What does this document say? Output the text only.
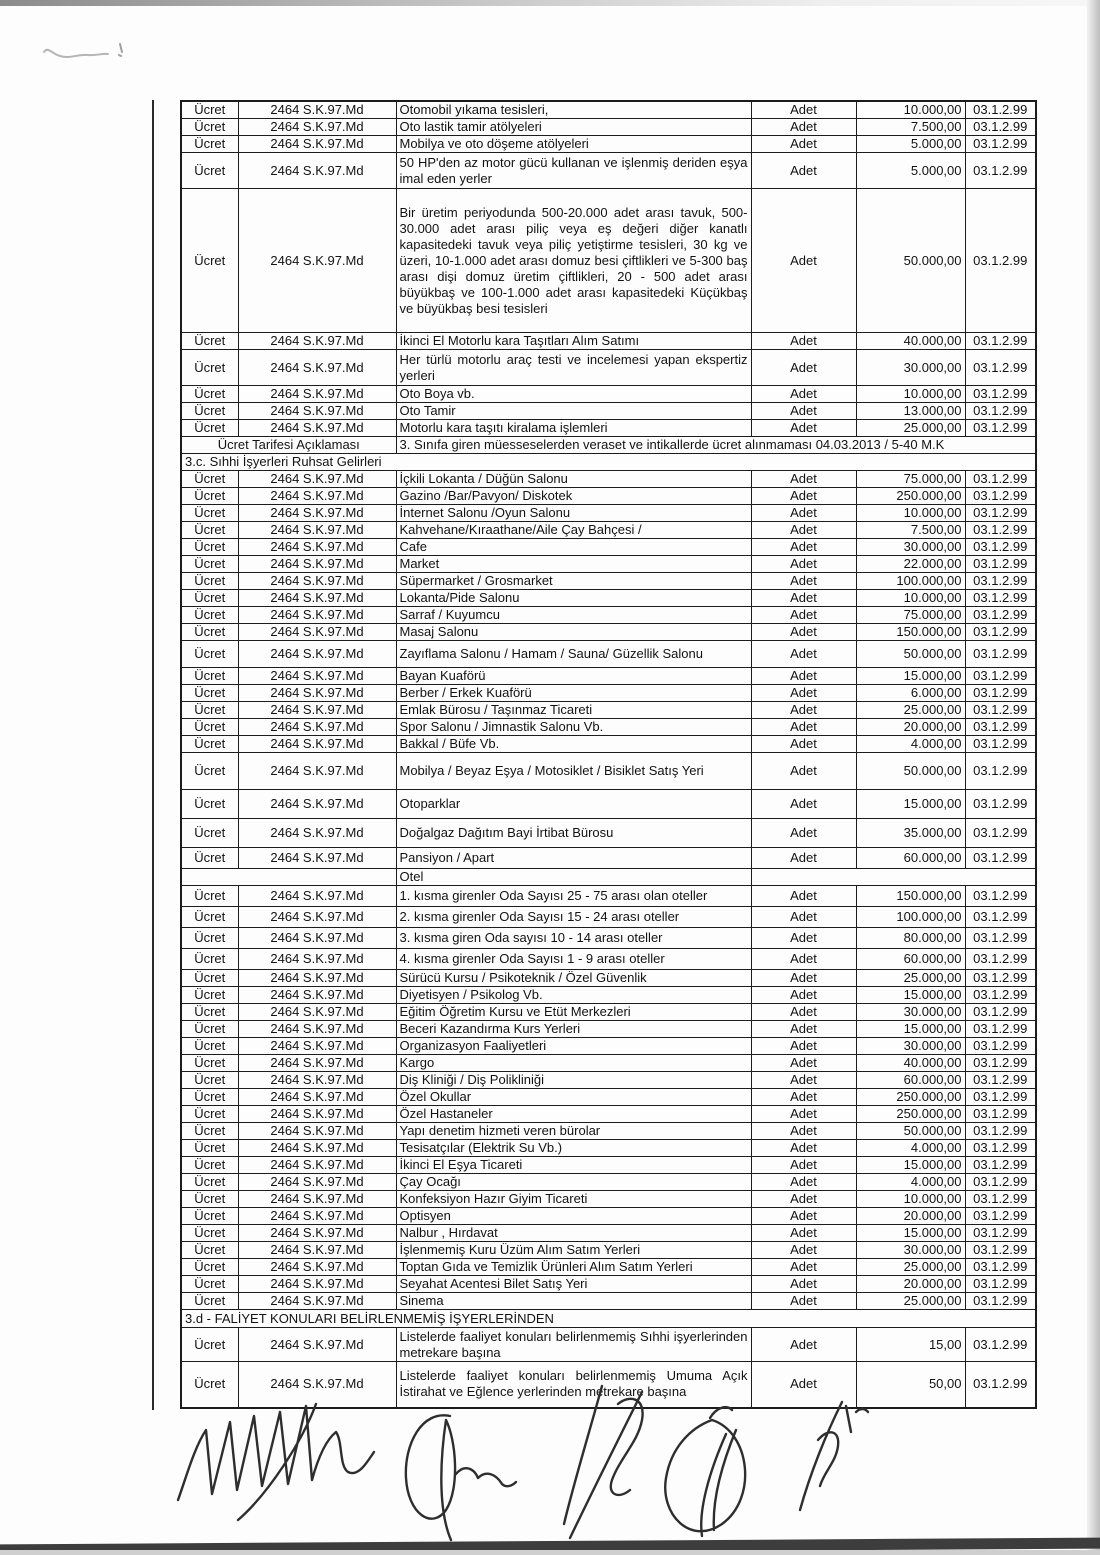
Ücret	2464 S.K.97.Md	Otomobil yıkama tesisleri,	Adet	10.000,00	03.1.2.99
Ücret	2464 S.K.97.Md	Oto lastik tamir atölyeleri	Adet	7.500,00	03.1.2.99
Ücret	2464 S.K.97.Md	Mobilya ve oto döşeme atölyeleri	Adet	5.000,00	03.1.2.99
Ücret	2464 S.K.97.Md	50 HP'den az motor gücü kullanan ve işlenmiş deriden eşya imal eden yerler	Adet	5.000,00	03.1.2.99
Ücret	2464 S.K.97.Md	Bir üretim periyodunda 500-20.000 adet arası tavuk, 500-30.000 adet arası piliç veya eş değeri diğer kanatlı kapasitedeki tavuk veya piliç yetiştirme tesisleri, 30 kg ve üzeri, 10-1.000 adet arası domuz besi çiftlikleri ve 5-300 baş arası dişi domuz üretim çiftlikleri, 20 - 500 adet arası büyükbaş ve 100-1.000 adet arası kapasitedeki Küçükbaş ve büyükbaş besi tesisleri	Adet	50.000,00	03.1.2.99
Ücret	2464 S.K.97.Md	İkinci El Motorlu kara Taşıtları Alım Satımı	Adet	40.000,00	03.1.2.99
Ücret	2464 S.K.97.Md	Her türlü motorlu araç testi ve incelemesi yapan ekspertiz yerleri	Adet	30.000,00	03.1.2.99
Ücret	2464 S.K.97.Md	Oto Boya vb.	Adet	10.000,00	03.1.2.99
Ücret	2464 S.K.97.Md	Oto Tamir	Adet	13.000,00	03.1.2.99
Ücret	2464 S.K.97.Md	Motorlu kara taşıtı kiralama işlemleri	Adet	25.000,00	03.1.2.99
Ücret Tarifesi Açıklaması		3. Sınıfa giren müesseselerden veraset ve intikallerde ücret alınmaması 04.03.2013 / 5-40 M.K			
3.c. Sıhhi İşyerleri Ruhsat Gelirleri					
Ücret	2464 S.K.97.Md	İçkili Lokanta / Düğün Salonu	Adet	75.000,00	03.1.2.99
Ücret	2464 S.K.97.Md	Gazino /Bar/Pavyon/ Diskotek	Adet	250.000,00	03.1.2.99
Ücret	2464 S.K.97.Md	İnternet Salonu /Oyun Salonu	Adet	10.000,00	03.1.2.99
Ücret	2464 S.K.97.Md	Kahvehane/Kıraathane/Aile Çay Bahçesi /	Adet	7.500,00	03.1.2.99
Ücret	2464 S.K.97.Md	Cafe	Adet	30.000,00	03.1.2.99
Ücret	2464 S.K.97.Md	Market	Adet	22.000,00	03.1.2.99
Ücret	2464 S.K.97.Md	Süpermarket / Grosmarket	Adet	100.000,00	03.1.2.99
Ücret	2464 S.K.97.Md	Lokanta/Pide Salonu	Adet	10.000,00	03.1.2.99
Ücret	2464 S.K.97.Md	Sarraf / Kuyumcu	Adet	75.000,00	03.1.2.99
Ücret	2464 S.K.97.Md	Masaj Salonu	Adet	150.000,00	03.1.2.99
Ücret	2464 S.K.97.Md	Zayıflama Salonu / Hamam / Sauna/ Güzellik Salonu	Adet	50.000,00	03.1.2.99
Ücret	2464 S.K.97.Md	Bayan Kuaförü	Adet	15.000,00	03.1.2.99
Ücret	2464 S.K.97.Md	Berber / Erkek Kuaförü	Adet	6.000,00	03.1.2.99
Ücret	2464 S.K.97.Md	Emlak Bürosu / Taşınmaz Ticareti	Adet	25.000,00	03.1.2.99
Ücret	2464 S.K.97.Md	Spor Salonu / Jimnastik Salonu Vb.	Adet	20.000,00	03.1.2.99
Ücret	2464 S.K.97.Md	Bakkal / Büfe Vb.	Adet	4.000,00	03.1.2.99
Ücret	2464 S.K.97.Md	Mobilya / Beyaz Eşya / Motosiklet / Bisiklet Satış Yeri	Adet	50.000,00	03.1.2.99
Ücret	2464 S.K.97.Md	Otoparklar	Adet	15.000,00	03.1.2.99
Ücret	2464 S.K.97.Md	Doğalgaz Dağıtım Bayi İrtibat Bürosu	Adet	35.000,00	03.1.2.99
Ücret	2464 S.K.97.Md	Pansiyon / Apart	Adet	60.000,00	03.1.2.99
		Otel			
Ücret	2464 S.K.97.Md	1. kısma girenler Oda Sayısı 25 - 75 arası olan oteller	Adet	150.000,00	03.1.2.99
Ücret	2464 S.K.97.Md	2. kısma girenler Oda Sayısı 15 - 24 arası oteller	Adet	100.000,00	03.1.2.99
Ücret	2464 S.K.97.Md	3. kısma giren Oda sayısı 10 - 14 arası oteller	Adet	80.000,00	03.1.2.99
Ücret	2464 S.K.97.Md	4. kısma girenler Oda Sayısı 1 - 9 arası oteller	Adet	60.000,00	03.1.2.99
Ücret	2464 S.K.97.Md	Sürücü Kursu / Psikoteknik / Özel Güvenlik	Adet	25.000,00	03.1.2.99
Ücret	2464 S.K.97.Md	Diyetisyen / Psikolog Vb.	Adet	15.000,00	03.1.2.99
Ücret	2464 S.K.97.Md	Eğitim Öğretim Kursu ve Etüt Merkezleri	Adet	30.000,00	03.1.2.99
Ücret	2464 S.K.97.Md	Beceri Kazandırma Kurs Yerleri	Adet	15.000,00	03.1.2.99
Ücret	2464 S.K.97.Md	Organizasyon Faaliyetleri	Adet	30.000,00	03.1.2.99
Ücret	2464 S.K.97.Md	Kargo	Adet	40.000,00	03.1.2.99
Ücret	2464 S.K.97.Md	Diş Kliniği / Diş Polikliniği	Adet	60.000,00	03.1.2.99
Ücret	2464 S.K.97.Md	Özel Okullar	Adet	250.000,00	03.1.2.99
Ücret	2464 S.K.97.Md	Özel Hastaneler	Adet	250.000,00	03.1.2.99
Ücret	2464 S.K.97.Md	Yapı denetim hizmeti veren bürolar	Adet	50.000,00	03.1.2.99
Ücret	2464 S.K.97.Md	Tesisatçılar (Elektrik Su Vb.)	Adet	4.000,00	03.1.2.99
Ücret	2464 S.K.97.Md	İkinci El Eşya Ticareti	Adet	15.000,00	03.1.2.99
Ücret	2464 S.K.97.Md	Çay Ocağı	Adet	4.000,00	03.1.2.99
Ücret	2464 S.K.97.Md	Konfeksiyon Hazır Giyim Ticareti	Adet	10.000,00	03.1.2.99
Ücret	2464 S.K.97.Md	Optisyen	Adet	20.000,00	03.1.2.99
Ücret	2464 S.K.97.Md	Nalbur , Hırdavat	Adet	15.000,00	03.1.2.99
Ücret	2464 S.K.97.Md	İşlenmemiş Kuru Üzüm Alım Satım Yerleri	Adet	30.000,00	03.1.2.99
Ücret	2464 S.K.97.Md	Toptan Gıda ve Temizlik Ürünleri Alım Satım Yerleri	Adet	25.000,00	03.1.2.99
Ücret	2464 S.K.97.Md	Seyahat Acentesi Bilet Satış Yeri	Adet	20.000,00	03.1.2.99
Ücret	2464 S.K.97.Md	Sinema	Adet	25.000,00	03.1.2.99
3.d - FALİYET KONULARI BELİRLENMEMİŞ İŞYERLERİNDEN					
Ücret	2464 S.K.97.Md	Listelerde faaliyet konuları belirlenmemiş Sıhhi işyerlerinden metrekare başına	Adet	15,00	03.1.2.99
Ücret	2464 S.K.97.Md	Listelerde faaliyet konuları belirlenmemiş Umuma Açık İstirahat ve Eğlence yerlerinden metrekare başına	Adet	50,00	03.1.2.99
